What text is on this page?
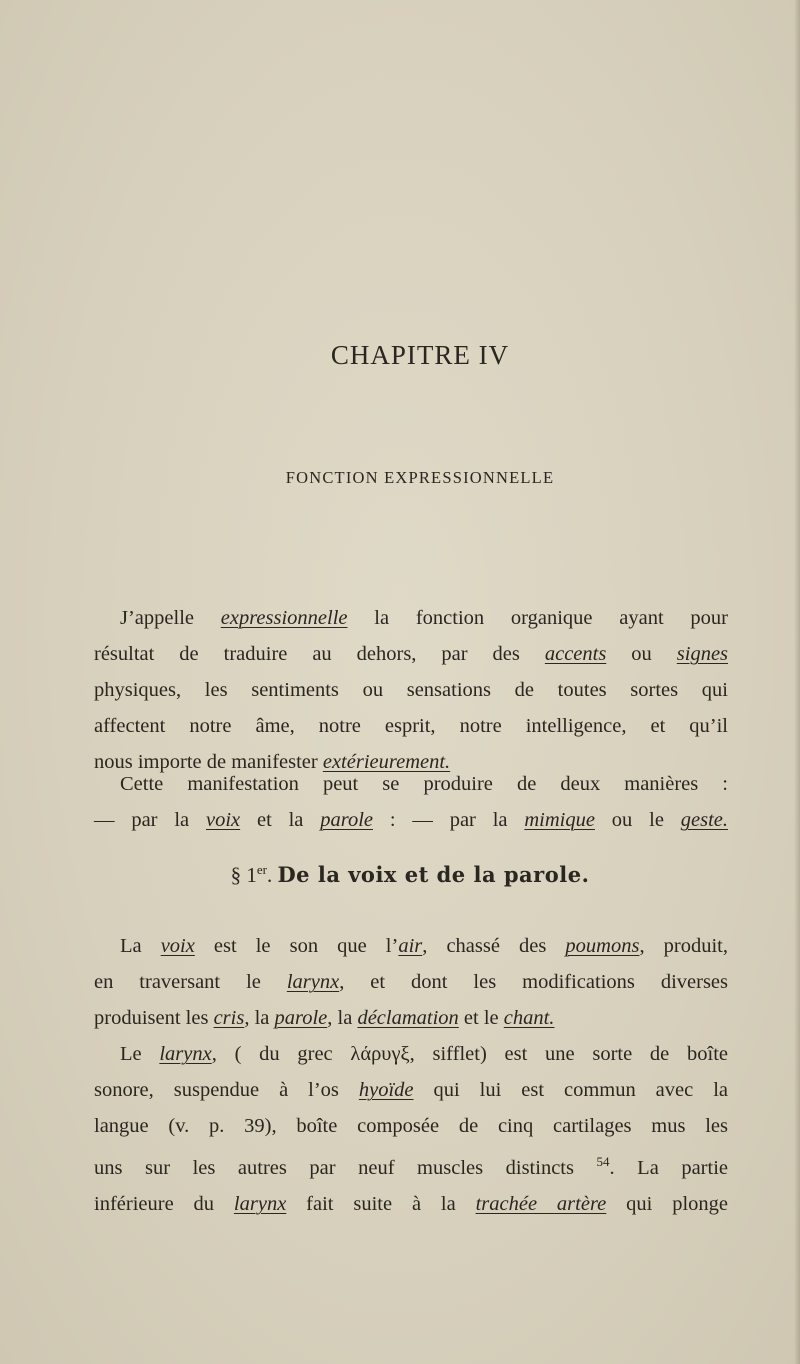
CHAPITRE IV
FONCTION EXPRESSIONNELLE

J’appelle expressionnelle la fonction organique ayant pour
résultat de traduire au dehors, par des accents ou signes
physiques, les sentiments ou sensations de toutes sortes qui
affectent notre âme, notre esprit, notre intelligence, et qu’il
nous importe de manifester extérieurement.

Cette manifestation peut se produire de deux manières :
— par la voix et la parole : — par la mimique ou le geste.

§ 1er. De la voix et de la parole.

La voix est le son que l’air, chassé des poumons, produit,
en traversant le larynx, et dont les modifications diverses
produisent les cris, la parole, la déclamation et le chant.

Le larynx, ( du grec λάρυγξ, sifflet) est une sorte de boîte
sonore, suspendue à l’os hyoïde qui lui est commun avec la
langue (v. p. 39), boîte composée de cinq cartilages mus les
uns sur les autres par neuf muscles distincts $^{54}$. La partie
inférieure du larynx fait suite à la trachée artère qui plonge
